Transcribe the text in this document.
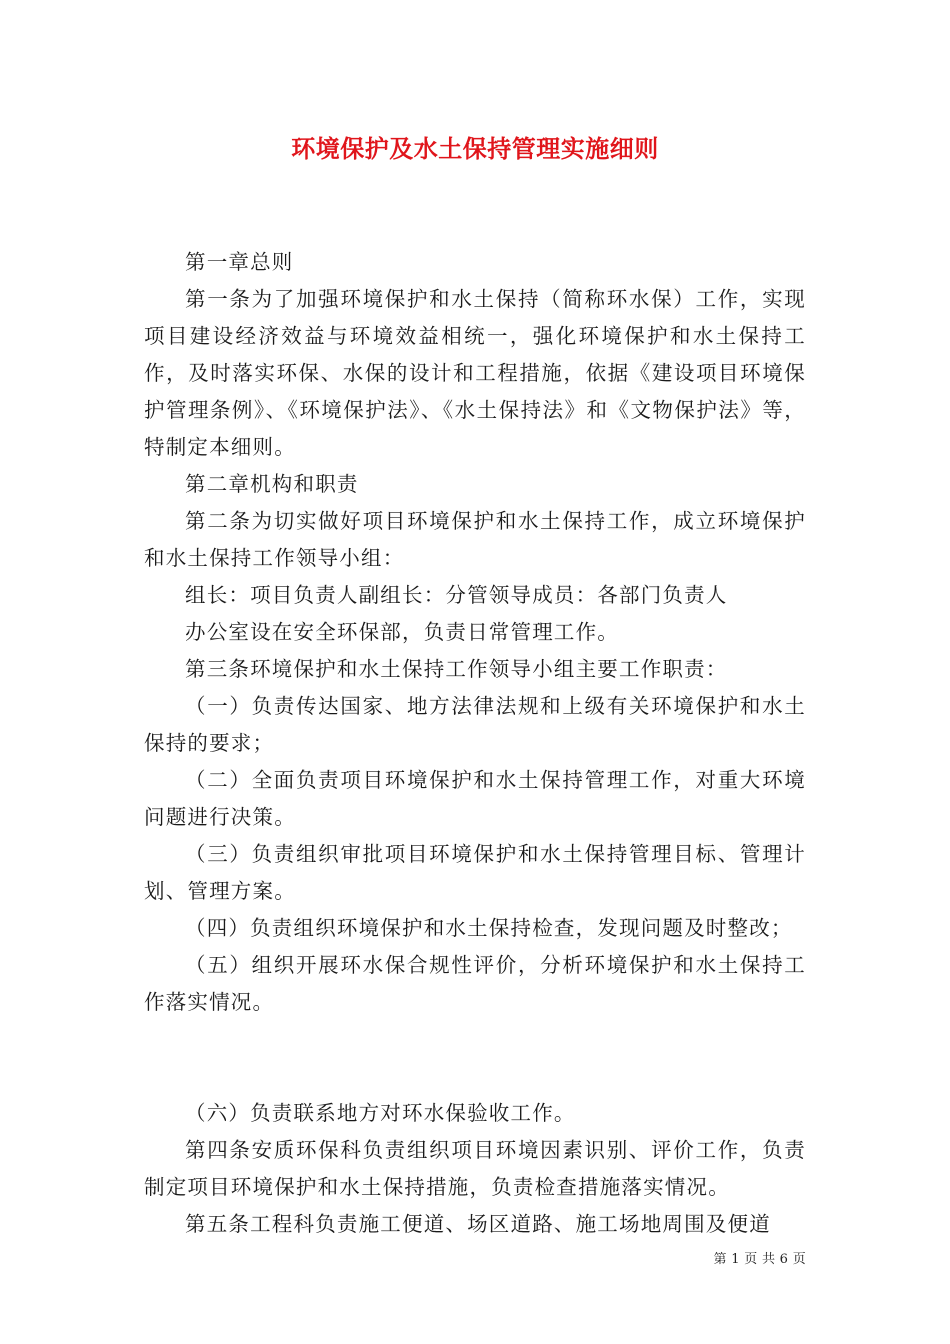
环境保护及水土保持管理实施细则

第一章总则

第一条为了加强环境保护和水土保持（简称环水保）工作，实现项目建设经济效益与环境效益相统一，强化环境保护和水土保持工作，及时落实环保、水保的设计和工程措施，依据《建设项目环境保护管理条例》、《环境保护法》、《水土保持法》和《文物保护法》等，特制定本细则。

第二章机构和职责

第二条为切实做好项目环境保护和水土保持工作，成立环境保护和水土保持工作领导小组：

组长：项目负责人副组长：分管领导成员：各部门负责人

办公室设在安全环保部，负责日常管理工作。

第三条环境保护和水土保持工作领导小组主要工作职责：

（一）负责传达国家、地方法律法规和上级有关环境保护和水土保持的要求；

（二）全面负责项目环境保护和水土保持管理工作，对重大环境问题进行决策。

（三）负责组织审批项目环境保护和水土保持管理目标、管理计划、管理方案。

（四）负责组织环境保护和水土保持检查，发现问题及时整改；

（五）组织开展环水保合规性评价，分析环境保护和水土保持工作落实情况。

（六）负责联系地方对环水保验收工作。

第四条安质环保科负责组织项目环境因素识别、评价工作，负责制定项目环境保护和水土保持措施，负责检查措施落实情况。

第五条工程科负责施工便道、场区道路、施工场地周围及便道

第 1 页 共 6 页
